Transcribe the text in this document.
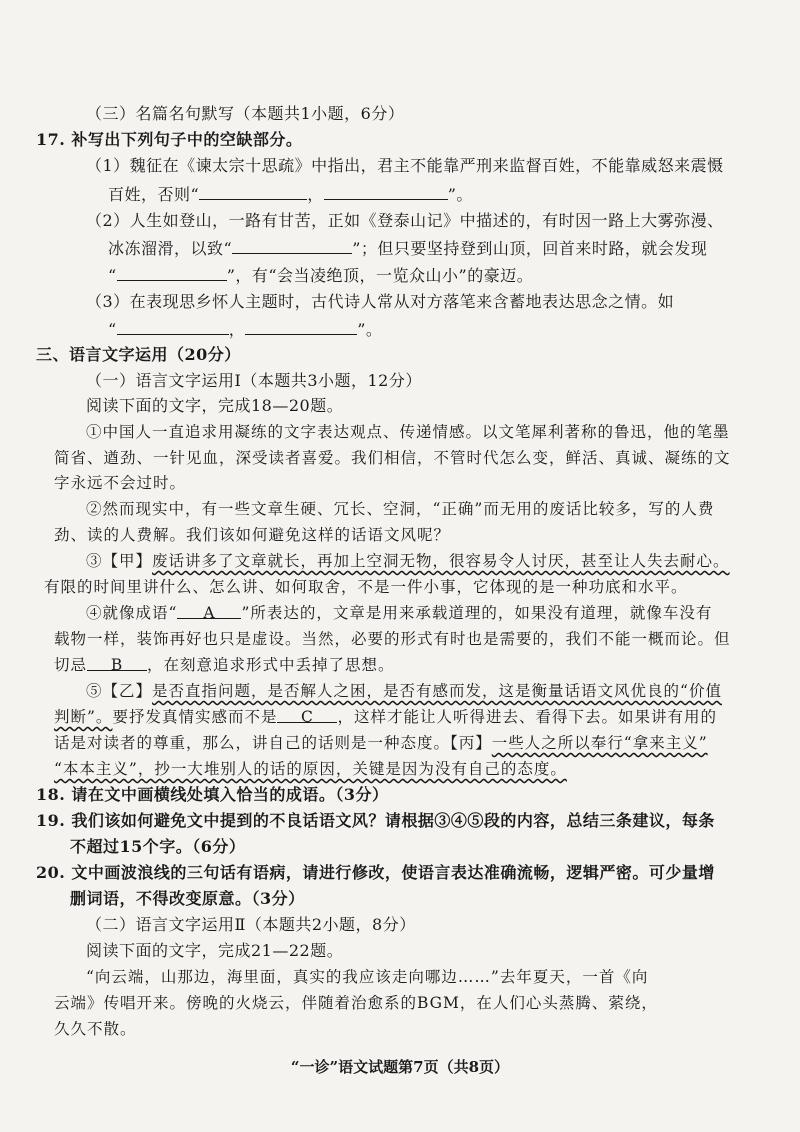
（三）名篇名句默写（本题共1小题，6分）
17. 补写出下列句子中的空缺部分。
（1）魏征在《谏太宗十思疏》中指出，君主不能靠严刑来监督百姓，不能靠威怒来震慑
百姓，否则“	，	”。
（2）人生如登山，一路有甘苦，正如《登泰山记》中描述的，有时因一路上大雾弥漫、
冰冻溜滑，以致“	”；但只要坚持登到山顶，回首来时路，就会发现
“	”，有“会当凌绝顶，一览众山小”的豪迈。
（3）在表现思乡怀人主题时，古代诗人常从对方落笔来含蓄地表达思念之情。如
“	，	”。
三、语言文字运用（20分）
（一）语言文字运用Ⅰ（本题共3小题，12分）
阅读下面的文字，完成18—20题。
①中国人一直追求用凝练的文字表达观点、传递情感。以文笔犀利著称的鲁迅，他的笔墨
简省、遒劲、一针见血，深受读者喜爱。我们相信，不管时代怎么变，鲜活、真诚、凝练的文
字永远不会过时。
②然而现实中，有一些文章生硬、冗长、空洞，“正确”而无用的废话比较多，写的人费
劲、读的人费解。我们该如何避免这样的话语文风呢？
③【甲】废话讲多了文章就长，再加上空洞无物，很容易令人讨厌，甚至让人失去耐心。
有限的时间里讲什么、怎么讲、如何取舍，不是一件小事，它体现的是一种功底和水平。
④就像成语“ A ”所表达的，文章是用来承载道理的，如果没有道理，就像车没有
载物一样，装饰再好也只是虚设。当然，必要的形式有时也是需要的，我们不能一概而论。但
切忌 B ，在刻意追求形式中丢掉了思想。
⑤【乙】是否直指问题，是否解人之困，是否有感而发，这是衡量话语文风优良的“价值
判断”。要抒发真情实感而不是 C ，这样才能让人听得进去、看得下去。如果讲有用的
话是对读者的尊重，那么，讲自己的话则是一种态度。【丙】一些人之所以奉行“拿来主义”
“本本主义”，抄一大堆别人的话的原因，关键是因为没有自己的态度。
18. 请在文中画横线处填入恰当的成语。（3分）
19. 我们该如何避免文中提到的不良话语文风？请根据③④⑤段的内容，总结三条建议，每条
不超过15个字。（6分）
20. 文中画波浪线的三句话有语病，请进行修改，使语言表达准确流畅，逻辑严密。可少量增
删词语，不得改变原意。（3分）
（二）语言文字运用Ⅱ（本题共2小题，8分）
阅读下面的文字，完成21—22题。
“向云端，山那边，海里面，真实的我应该走向哪边……”去年夏天，一首《向
云端》传唱开来。傍晚的火烧云，伴随着治愈系的BGM，在人们心头蒸腾、萦绕，
久久不散。
“一诊”语文试题第7页（共8页）
